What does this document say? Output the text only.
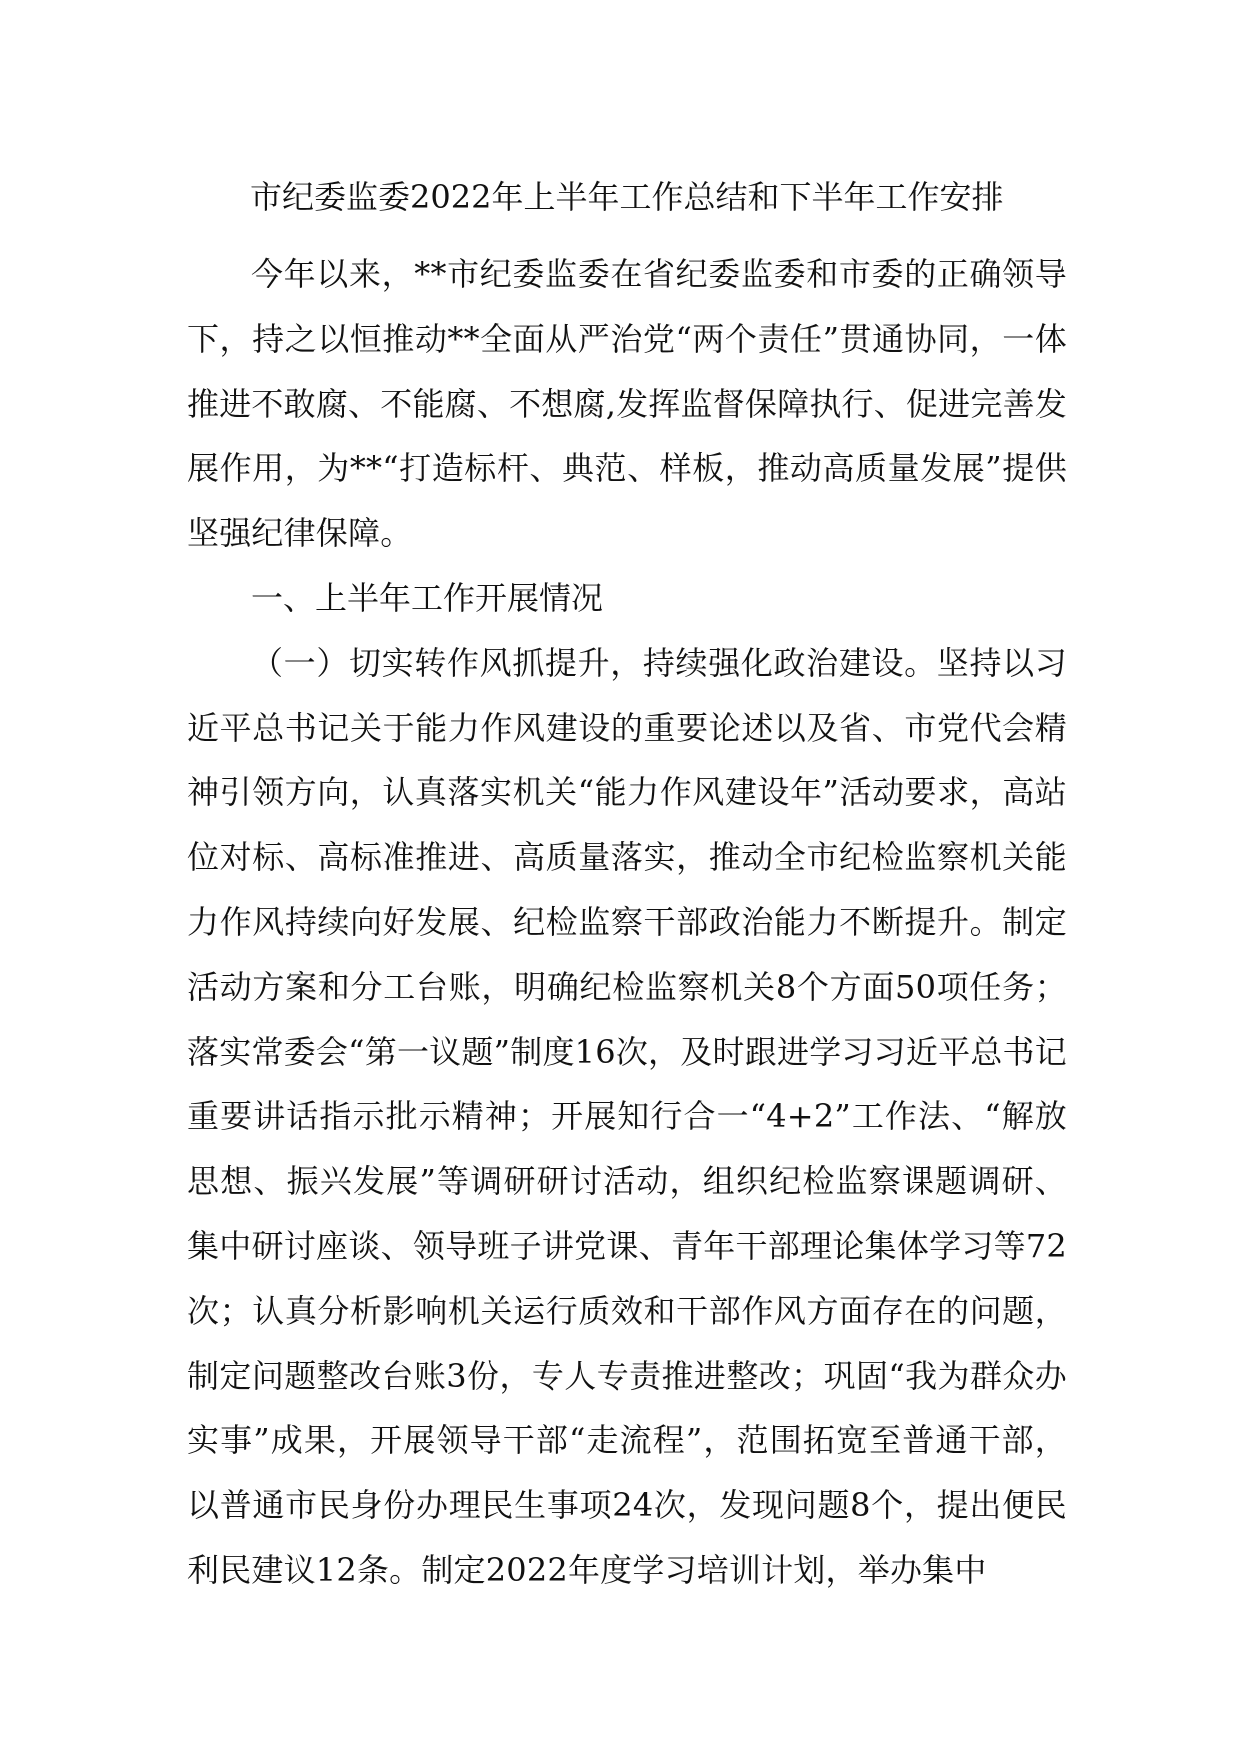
市纪委监委2022年上半年工作总结和下半年工作安排

今年以来，**市纪委监委在省纪委监委和市委的正确领导下，持之以恒推动**全面从严治党“两个责任”贯通协同，一体推进不敢腐、不能腐、不想腐,发挥监督保障执行、促进完善发展作用，为**“打造标杆、典范、样板，推动高质量发展”提供坚强纪律保障。

一、上半年工作开展情况

（一）切实转作风抓提升，持续强化政治建设。坚持以习近平总书记关于能力作风建设的重要论述以及省、市党代会精神引领方向，认真落实机关“能力作风建设年”活动要求，高站位对标、高标准推进、高质量落实，推动全市纪检监察机关能力作风持续向好发展、纪检监察干部政治能力不断提升。制定活动方案和分工台账，明确纪检监察机关8个方面50项任务；落实常委会“第一议题”制度16次，及时跟进学习习近平总书记重要讲话指示批示精神；开展知行合一“4+2”工作法、“解放思想、振兴发展”等调研研讨活动，组织纪检监察课题调研、集中研讨座谈、领导班子讲党课、青年干部理论集体学习等72次；认真分析影响机关运行质效和干部作风方面存在的问题，制定问题整改台账3份，专人专责推进整改；巩固“我为群众办实事”成果，开展领导干部“走流程”，范围拓宽至普通干部，以普通市民身份办理民生事项24次，发现问题8个，提出便民利民建议12条。制定2022年度学习培训计划，举办集中
